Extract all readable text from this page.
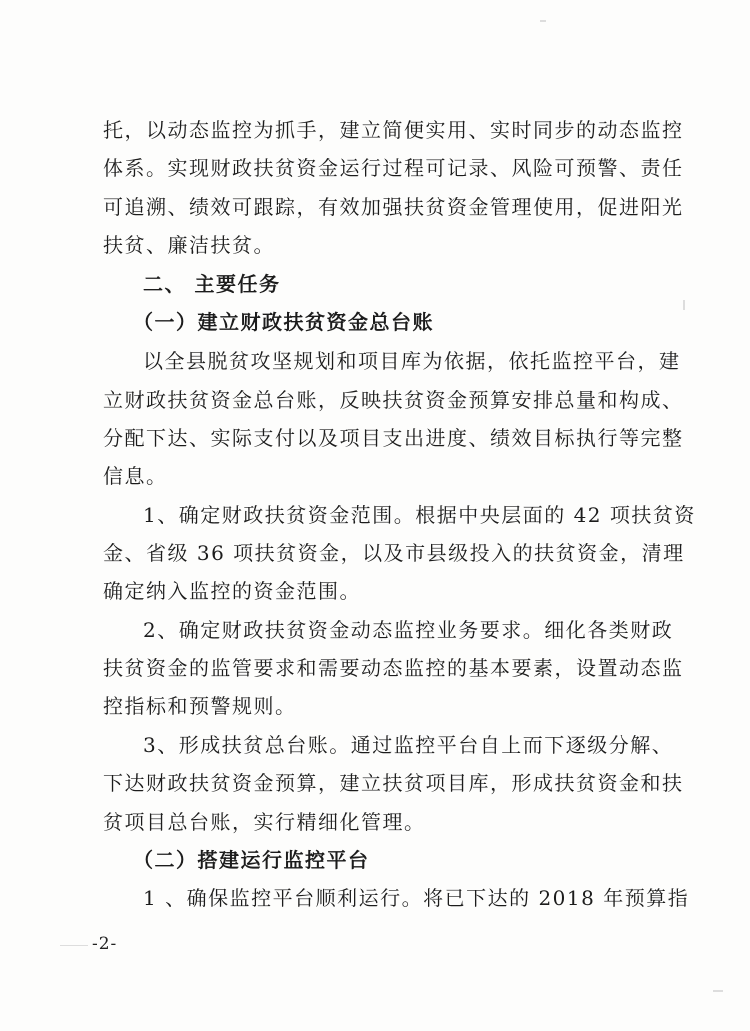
托，以动态监控为抓手，建立简便实用、实时同步的动态监控
体系。实现财政扶贫资金运行过程可记录、风险可预警、责任
可追溯、绩效可跟踪，有效加强扶贫资金管理使用，促进阳光
扶贫、廉洁扶贫。
二、 主要任务
（一）建立财政扶贫资金总台账
以全县脱贫攻坚规划和项目库为依据，依托监控平台，建
立财政扶贫资金总台账，反映扶贫资金预算安排总量和构成、
分配下达、实际支付以及项目支出进度、绩效目标执行等完整
信息。
1、确定财政扶贫资金范围。根据中央层面的 42 项扶贫资
金、省级 36 项扶贫资金，以及市县级投入的扶贫资金，清理
确定纳入监控的资金范围。
2、确定财政扶贫资金动态监控业务要求。细化各类财政
扶贫资金的监管要求和需要动态监控的基本要素，设置动态监
控指标和预警规则。
3、形成扶贫总台账。通过监控平台自上而下逐级分解、
下达财政扶贫资金预算，建立扶贫项目库，形成扶贫资金和扶
贫项目总台账，实行精细化管理。
（二）搭建运行监控平台
1 、确保监控平台顺利运行。将已下达的 2018 年预算指
-2-
